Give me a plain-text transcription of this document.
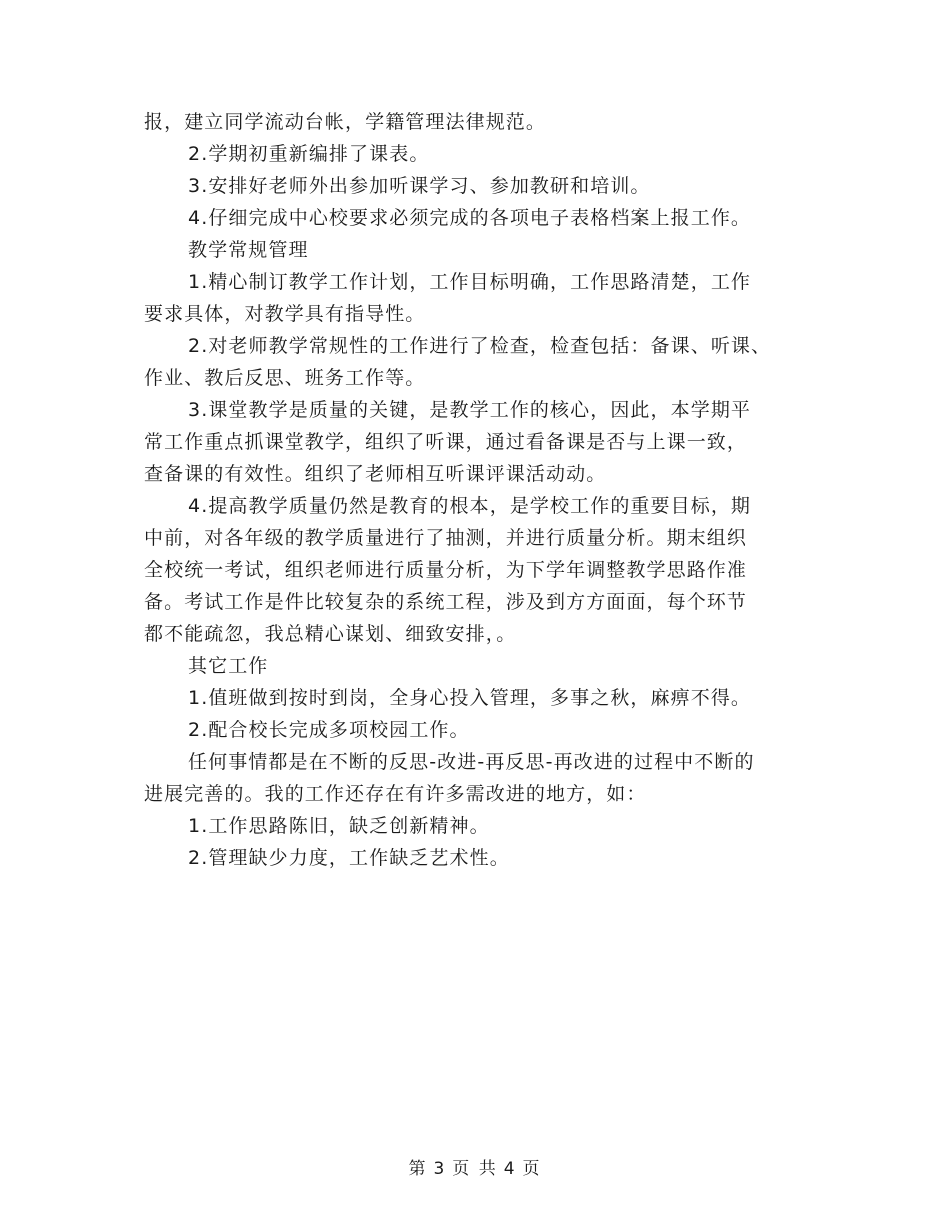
报，建立同学流动台帐，学籍管理法律规范。
2.学期初重新编排了课表。
3.安排好老师外出参加听课学习、参加教研和培训。
4.仔细完成中心校要求必须完成的各项电子表格档案上报工作。
教学常规管理
1.精心制订教学工作计划，工作目标明确，工作思路清楚，工作
要求具体，对教学具有指导性。
2.对老师教学常规性的工作进行了检查，检查包括：备课、听课、
作业、教后反思、班务工作等。
3.课堂教学是质量的关键，是教学工作的核心，因此，本学期平
常工作重点抓课堂教学，组织了听课，通过看备课是否与上课一致，
查备课的有效性。组织了老师相互听课评课活动动。
4.提高教学质量仍然是教育的根本，是学校工作的重要目标，期
中前，对各年级的教学质量进行了抽测，并进行质量分析。期末组织
全校统一考试，组织老师进行质量分析，为下学年调整教学思路作准
备。考试工作是件比较复杂的系统工程，涉及到方方面面，每个环节
都不能疏忽，我总精心谋划、细致安排，。
其它工作
1.值班做到按时到岗，全身心投入管理，多事之秋，麻痹不得。
2.配合校长完成多项校园工作。
任何事情都是在不断的反思-改进-再反思-再改进的过程中不断的
进展完善的。我的工作还存在有许多需改进的地方，如：
1.工作思路陈旧，缺乏创新精神。
2.管理缺少力度，工作缺乏艺术性。
第 3 页 共 4 页
